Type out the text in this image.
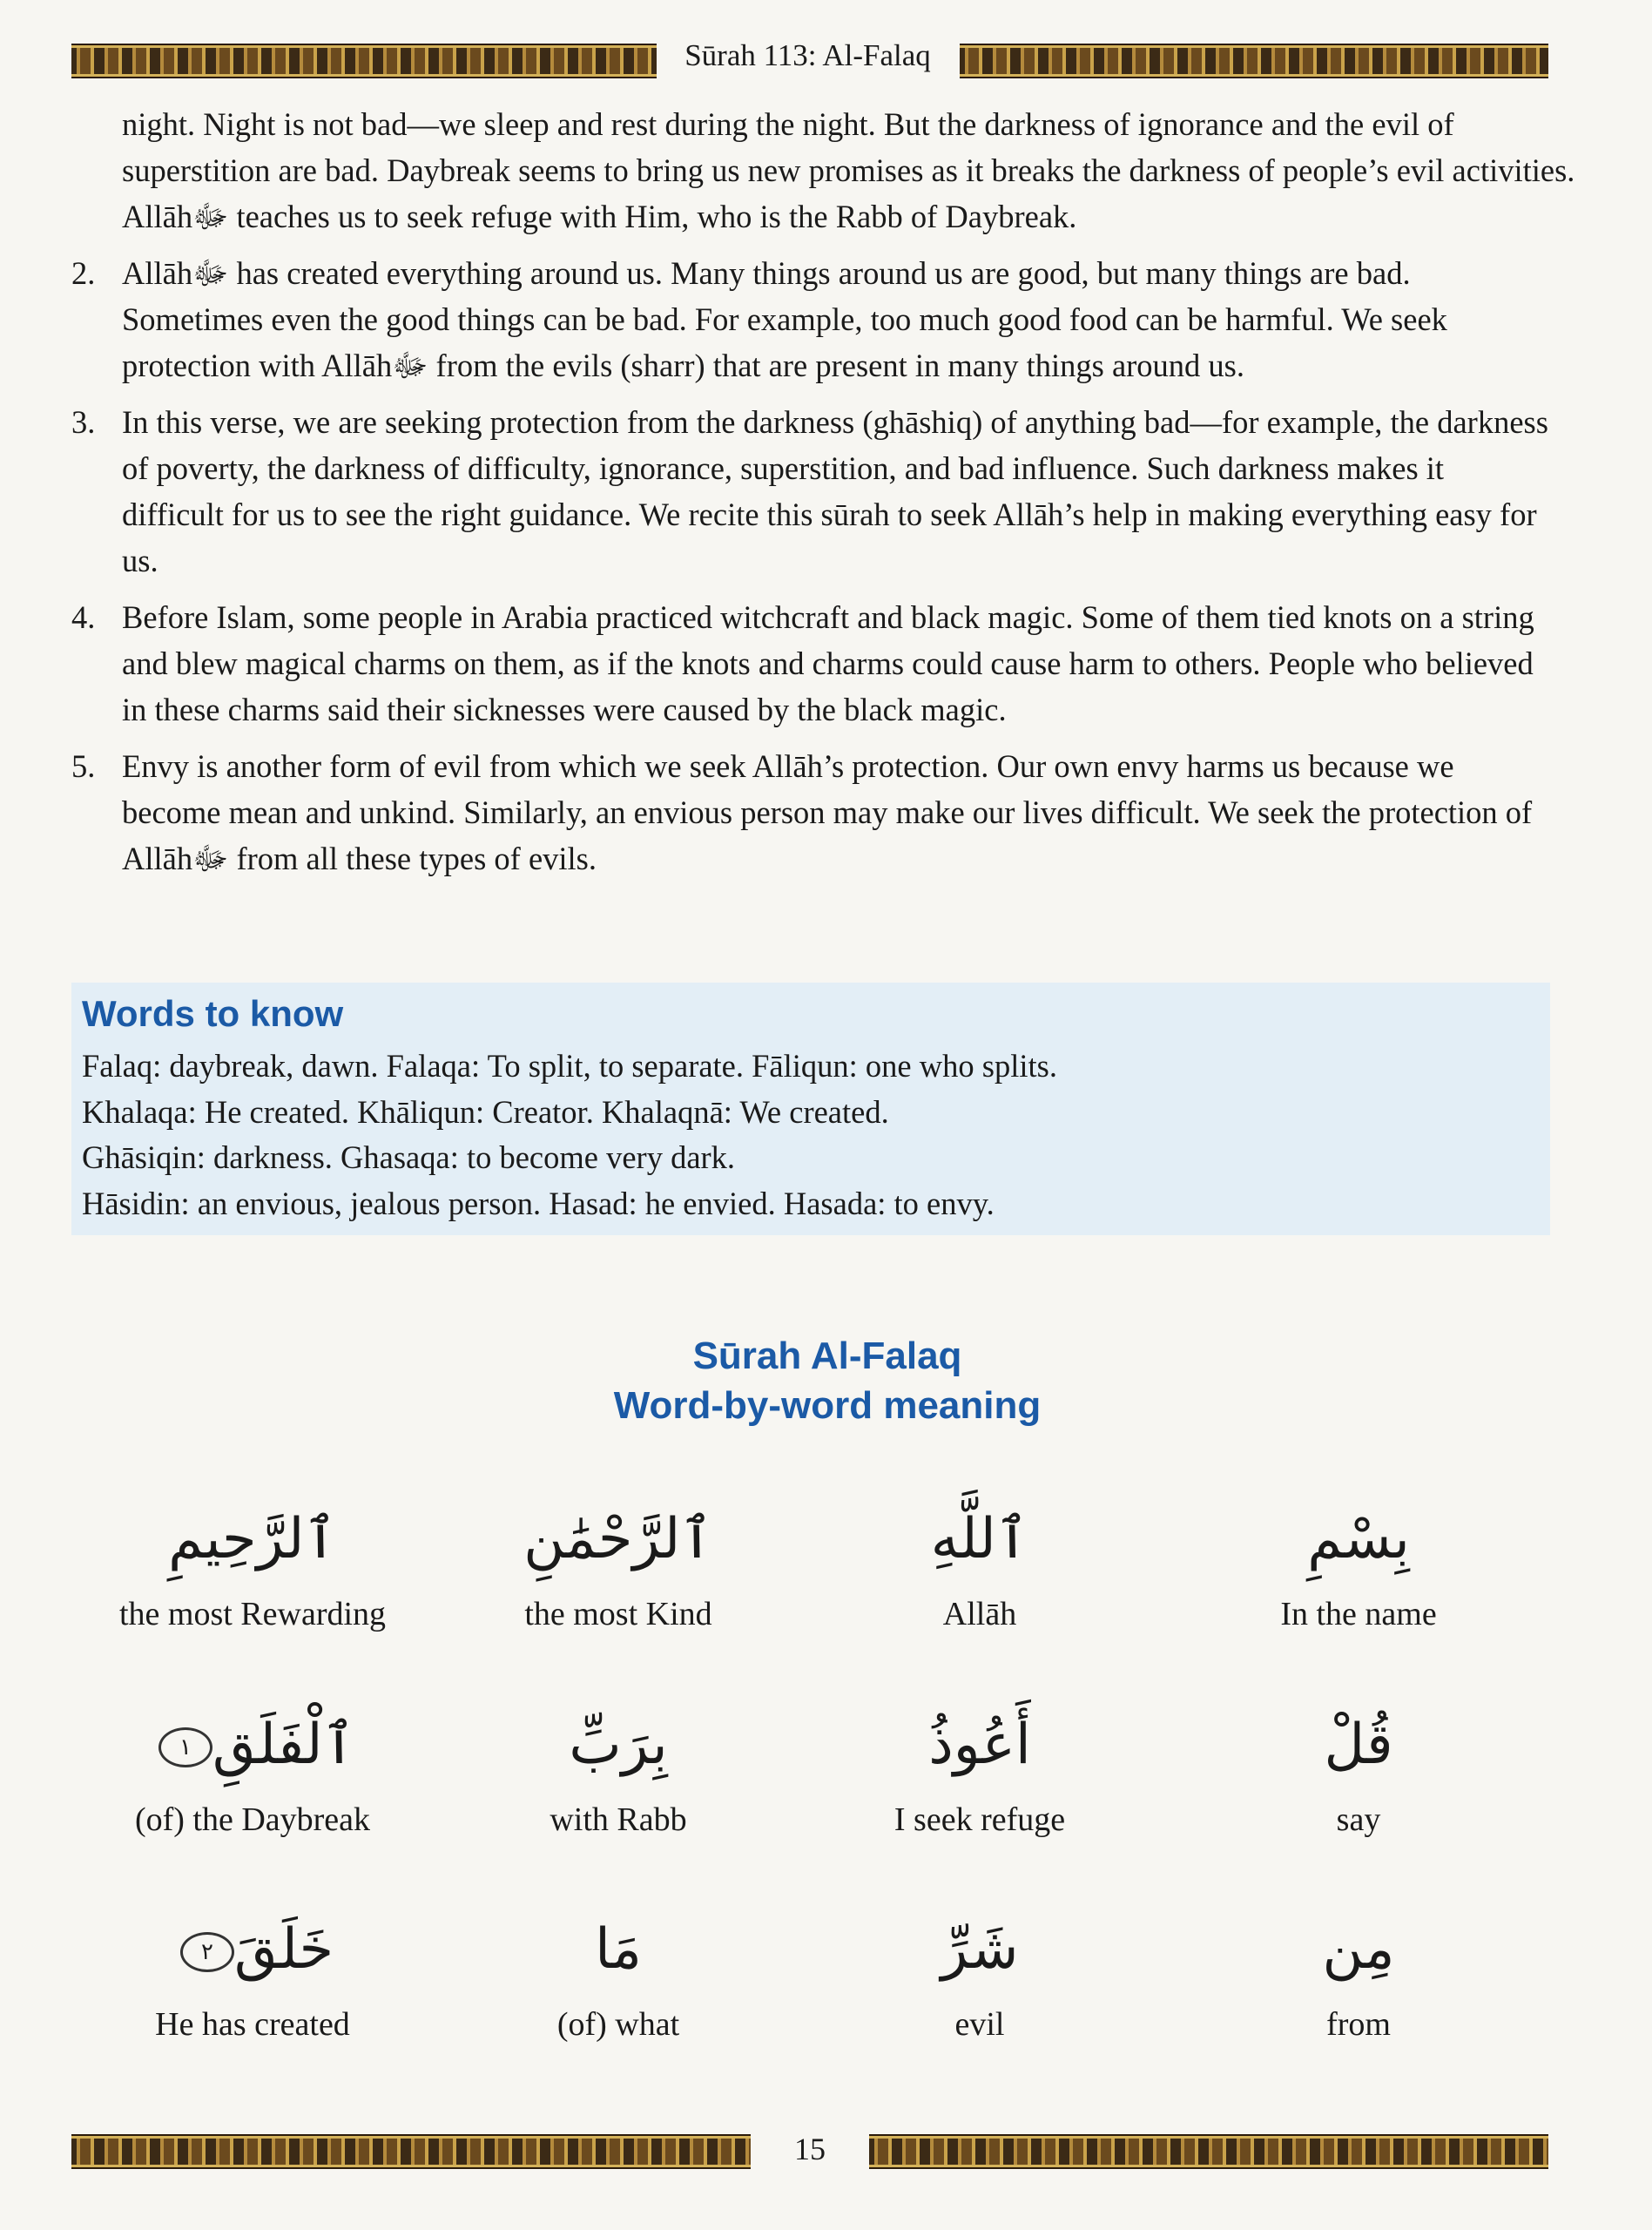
Sūrah 113: Al-Falaq

night. Night is not bad—we sleep and rest during the night. But the darkness of ignorance and the evil of superstition are bad. Daybreak seems to bring us new promises as it breaks the darkness of people’s evil activities. Allāhﷻ teaches us to seek refuge with Him, who is the Rabb of Daybreak.

2. Allāhﷻ has created everything around us. Many things around us are good, but many things are bad. Sometimes even the good things can be bad. For example, too much good food can be harmful. We seek protection with Allāhﷻ from the evils (sharr) that are present in many things around us.
3. In this verse, we are seeking protection from the darkness (ghāshiq) of anything bad—for example, the darkness of poverty, the darkness of difficulty, ignorance, superstition, and bad influence. Such darkness makes it difficult for us to see the right guidance. We recite this sūrah to seek Allāh’s help in making everything easy for us.
4. Before Islam, some people in Arabia practiced witchcraft and black magic. Some of them tied knots on a string and blew magical charms on them, as if the knots and charms could cause harm to others. People who believed in these charms said their sicknesses were caused by the black magic.
5. Envy is another form of evil from which we seek Allāh’s protection. Our own envy harms us because we become mean and unkind. Similarly, an envious person may make our lives difficult. We seek the protection of Allāhﷻ from all these types of evils.
Words to know
Falaq: daybreak, dawn. Falaqa: To split, to separate. Fāliqun: one who splits.
Khalaqa: He created. Khāliqun: Creator. Khalaqnā: We created.
Ghāsiqin: darkness. Ghasaqa: to become very dark.
Hāsidin: an envious, jealous person. Hasad: he envied. Hasada: to envy.
Sūrah Al-Falaq
Word-by-word meaning
بِسْمِ
In the name
ٱللَّهِ
Allāh
ٱلرَّحْمَٰنِ
the most Kind
ٱلرَّحِيمِ
the most Rewarding
قُلْ
say
أَعُوذُ
I seek refuge
بِرَبِّ
with Rabb
ٱلْفَلَقِ١
(of) the Daybreak
مِن
from
شَرِّ
evil
مَا
(of) what
خَلَقَ٢
He has created
15
